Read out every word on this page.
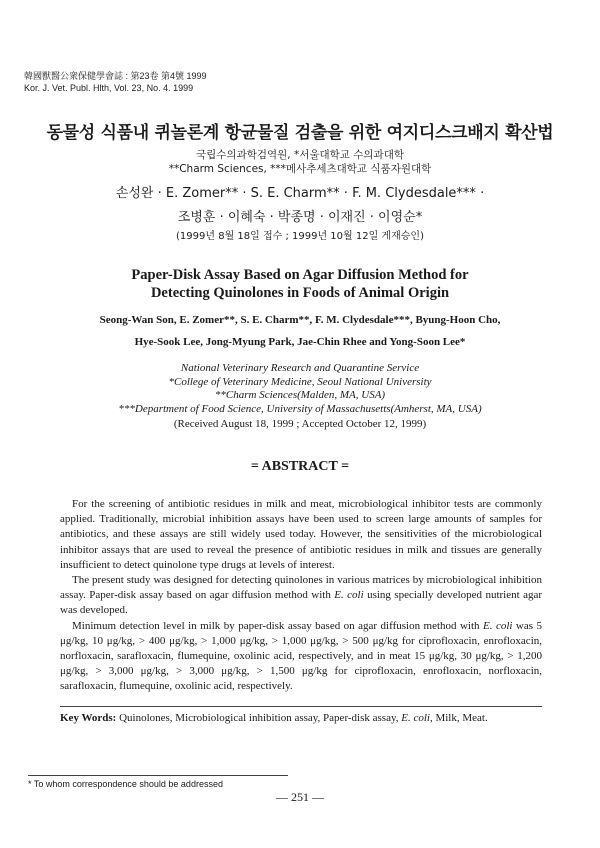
韓國獸醫公衆保健學會誌 : 第23卷 第4號 1999
Kor. J. Vet. Publ. Hlth, Vol. 23, No. 4. 1999
동물성 식품내 퀴놀론계 항균물질 검출을 위한 여지디스크배지 확산법
국립수의과학검역원, *서울대학교 수의과대학
**Charm Sciences, ***메사추세츠대학교 식품자원대학
손성완 · E. Zomer** · S. E. Charm** · F. M. Clydesdale*** ·
조병훈 · 이혜숙 · 박종명 · 이재진 · 이영순*
(1999년 8월 18일 접수 ; 1999년 10월 12일 게재승인)
Paper-Disk Assay Based on Agar Diffusion Method for
Detecting Quinolones in Foods of Animal Origin
Seong-Wan Son, E. Zomer**, S. E. Charm**, F. M. Clydesdale***, Byung-Hoon Cho,
Hye-Sook Lee, Jong-Myung Park, Jae-Chin Rhee and Yong-Soon Lee*
National Veterinary Research and Quarantine Service
*College of Veterinary Medicine, Seoul National University
**Charm Sciences(Malden, MA, USA)
***Department of Food Science, University of Massachusetts(Amherst, MA, USA)
(Received August 18, 1999 ; Accepted October 12, 1999)
= ABSTRACT =

For the screening of antibiotic residues in milk and meat, microbiological inhibitor tests are commonly applied. Traditionally, microbial inhibition assays have been used to screen large amounts of samples for antibiotics, and these assays are still widely used today. However, the sensitivities of the microbiological inhibitor assays that are used to reveal the presence of antibiotic residues in milk and tissues are generally insufficient to detect quinolone type drugs at levels of interest.

The present study was designed for detecting quinolones in various matrices by microbiological inhibition assay. Paper-disk assay based on agar diffusion method with E. coli using specially developed nutrient agar was developed.

Minimum detection level in milk by paper-disk assay based on agar diffusion method with E. coli was 5 μg/kg, 10 μg/kg, > 400 μg/kg, > 1,000 μg/kg, > 1,000 μg/kg, > 500 μg/kg for ciprofloxacin, enrofloxacin, norfloxacin, sarafloxacin, flumequine, oxolinic acid, respectively, and in meat 15 μg/kg, 30 μg/kg, > 1,200 μg/kg, > 3,000 μg/kg, > 3,000 μg/kg, > 1,500 μg/kg for ciprofloxacin, enrofloxacin, norfloxacin, sarafloxacin, flumequine, oxolinic acid, respectively.

Key Words: Quinolones, Microbiological inhibition assay, Paper-disk assay, E. coli, Milk, Meat.
* To whom correspondence should be addressed
— 251 —
